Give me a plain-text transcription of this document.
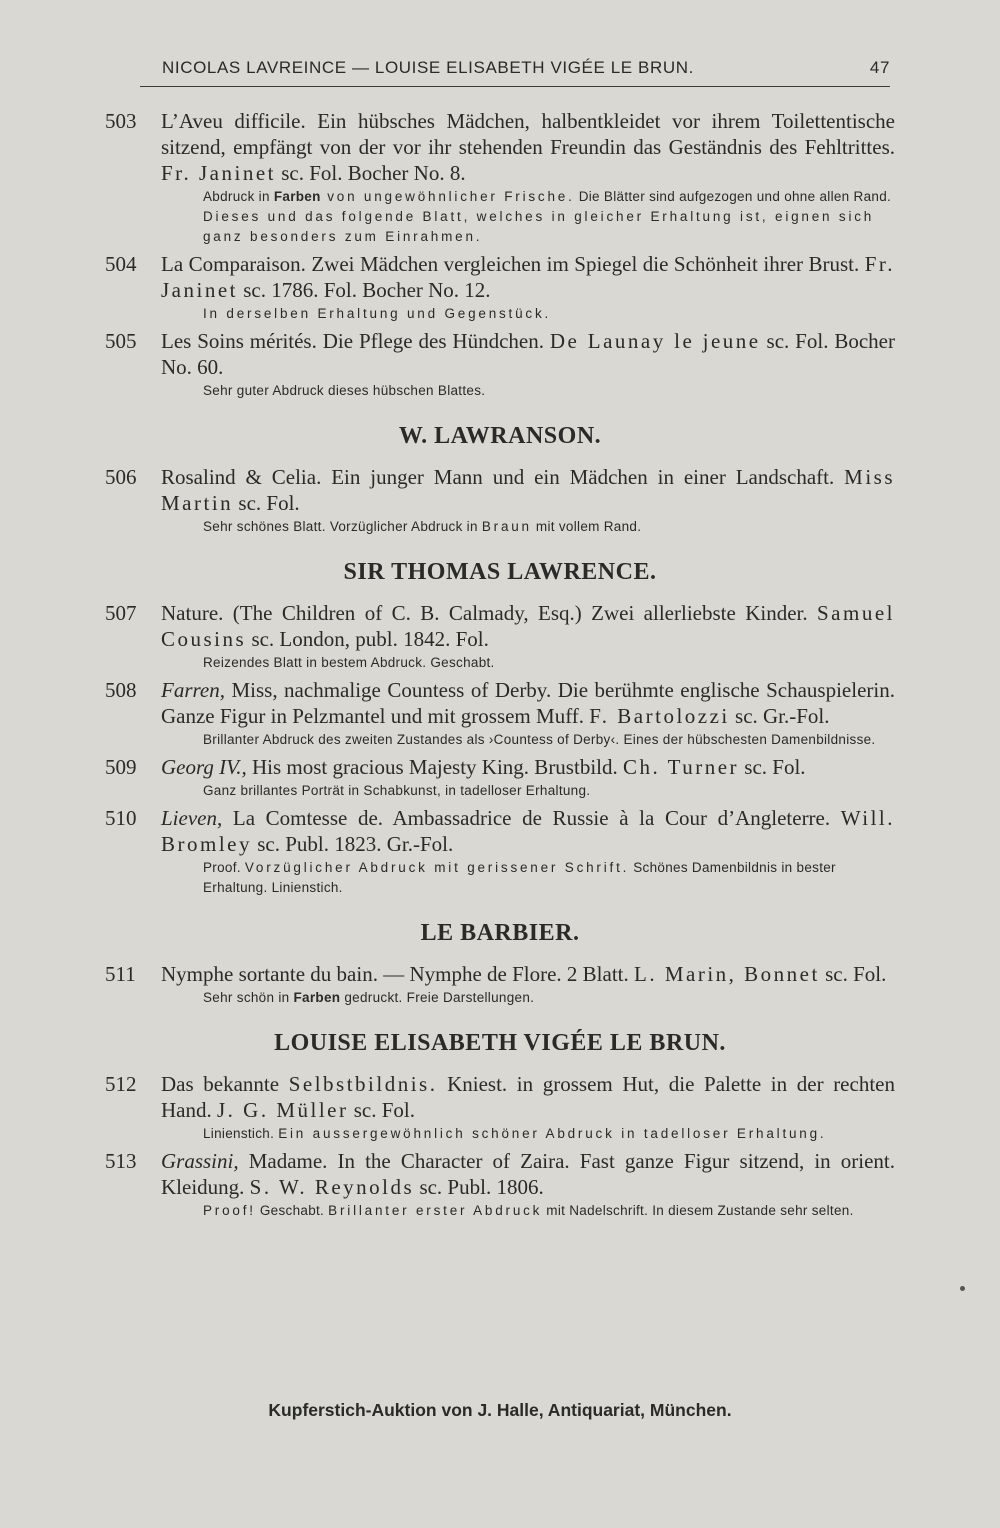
NICOLAS LAVREINCE — LOUISE ELISABETH VIGÉE LE BRUN.	47
503 L’Aveu difficile. Ein hübsches Mädchen, halbentkleidet vor ihrem Toilettentische sitzend, empfängt von der vor ihr stehenden Freundin das Geständnis des Fehltrittes. Fr. Janinet sc. Fol. Bocher No. 8.
Abdruck in Farben von ungewöhnlicher Frische. Die Blätter sind aufgezogen und ohne allen Rand. Dieses und das folgende Blatt, welches in gleicher Erhaltung ist, eignen sich ganz besonders zum Einrahmen.
504 La Comparaison. Zwei Mädchen vergleichen im Spiegel die Schönheit ihrer Brust. Fr. Janinet sc. 1786. Fol. Bocher No. 12.
In derselben Erhaltung und Gegenstück.
505 Les Soins mérités. Die Pflege des Hündchen. De Launay le jeune sc. Fol. Bocher No. 60.
Sehr guter Abdruck dieses hübschen Blattes.
W. LAWRANSON.
506 Rosalind & Celia. Ein junger Mann und ein Mädchen in einer Landschaft. Miss Martin sc. Fol.
Sehr schönes Blatt. Vorzüglicher Abdruck in Braun mit vollem Rand.
SIR THOMAS LAWRENCE.
507 Nature. (The Children of C. B. Calmady, Esq.) Zwei allerliebste Kinder. Samuel Cousins sc. London, publ. 1842. Fol.
Reizendes Blatt in bestem Abdruck. Geschabt.
508 Farren, Miss, nachmalige Countess of Derby. Die berühmte englische Schauspielerin. Ganze Figur in Pelzmantel und mit grossem Muff. F. Bartolozzi sc. Gr.-Fol.
Brillanter Abdruck des zweiten Zustandes als ›Countess of Derby‹. Eines der hübschesten Damenbildnisse.
509 Georg IV., His most gracious Majesty King. Brustbild. Ch. Turner sc. Fol.
Ganz brillantes Porträt in Schabkunst, in tadelloser Erhaltung.
510 Lieven, La Comtesse de. Ambassadrice de Russie à la Cour d’Angleterre. Will. Bromley sc. Publ. 1823. Gr.-Fol.
Proof. Vorzüglicher Abdruck mit gerissener Schrift. Schönes Damenbildnis in bester Erhaltung. Linienstich.
LE BARBIER.
511 Nymphe sortante du bain. — Nymphe de Flore. 2 Blatt. L. Marin, Bonnet sc. Fol.
Sehr schön in Farben gedruckt. Freie Darstellungen.
LOUISE ELISABETH VIGÉE LE BRUN.
512 Das bekannte Selbstbildnis. Kniest. in grossem Hut, die Palette in der rechten Hand. J. G. Müller sc. Fol.
Linienstich. Ein aussergewöhnlich schöner Abdruck in tadelloser Erhaltung.
513 Grassini, Madame. In the Character of Zaira. Fast ganze Figur sitzend, in orient. Kleidung. S. W. Reynolds sc. Publ. 1806.
Proof! Geschabt. Brillanter erster Abdruck mit Nadelschrift. In diesem Zustande sehr selten.
Kupferstich-Auktion von J. Halle, Antiquariat, München.
